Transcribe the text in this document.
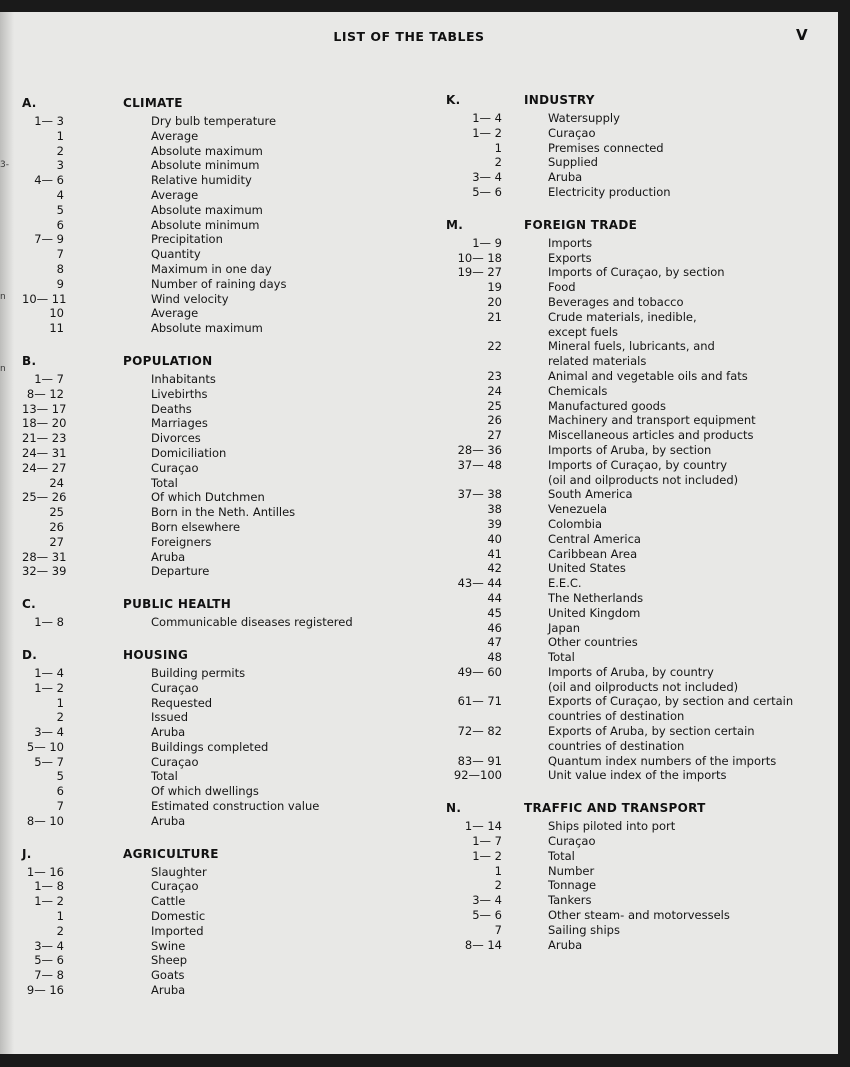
3-
n
n
LIST OF THE TABLES	V
A.	CLIMATE
1— 3	Dry bulb temperature
1	Average
2	Absolute maximum
3	Absolute minimum
4— 6	Relative humidity
4	Average
5	Absolute maximum
6	Absolute minimum
7— 9	Precipitation
7	Quantity
8	Maximum in one day
9	Number of raining days
10— 11	Wind velocity
10	Average
11	Absolute maximum
B.	POPULATION
1— 7	Inhabitants
8— 12	Livebirths
13— 17	Deaths
18— 20	Marriages
21— 23	Divorces
24— 31	Domiciliation
24— 27	Curaçao
24	Total
25— 26	Of which Dutchmen
25	Born in the Neth. Antilles
26	Born elsewhere
27	Foreigners
28— 31	Aruba
32— 39	Departure
C.	PUBLIC HEALTH
1— 8	Communicable diseases registered
D.	HOUSING
1— 4	Building permits
1— 2	Curaçao
1	Requested
2	Issued
3— 4	Aruba
5— 10	Buildings completed
5— 7	Curaçao
5	Total
6	Of which dwellings
7	Estimated construction value
8— 10	Aruba
J.	AGRICULTURE
1— 16	Slaughter
1— 8	Curaçao
1— 2	Cattle
1	Domestic
2	Imported
3— 4	Swine
5— 6	Sheep
7— 8	Goats
9— 16	Aruba
K.	INDUSTRY
1— 4	Watersupply
1— 2	Curaçao
1	Premises connected
2	Supplied
3— 4	Aruba
5— 6	Electricity production
M.	FOREIGN TRADE
1— 9	Imports
10— 18	Exports
19— 27	Imports of Curaçao, by section
19	Food
20	Beverages and tobacco
21	Crude materials, inedible,
except fuels
22	Mineral fuels, lubricants, and
related materials
23	Animal and vegetable oils and fats
24	Chemicals
25	Manufactured goods
26	Machinery and transport equipment
27	Miscellaneous articles and products
28— 36	Imports of Aruba, by section
37— 48	Imports of Curaçao, by country
(oil and oilproducts not included)
37— 38	South America
38	Venezuela
39	Colombia
40	Central America
41	Caribbean Area
42	United States
43— 44	E.E.C.
44	The Netherlands
45	United Kingdom
46	Japan
47	Other countries
48	Total
49— 60	Imports of Aruba, by country
(oil and oilproducts not included)
61— 71	Exports of Curaçao, by section and certain
countries of destination
72— 82	Exports of Aruba, by section certain
countries of destination
83— 91	Quantum index numbers of the imports
92—100	Unit value index of the imports
N.	TRAFFIC AND TRANSPORT
1— 14	Ships piloted into port
1— 7	Curaçao
1— 2	Total
1	Number
2	Tonnage
3— 4	Tankers
5— 6	Other steam- and motorvessels
7	Sailing ships
8— 14	Aruba
